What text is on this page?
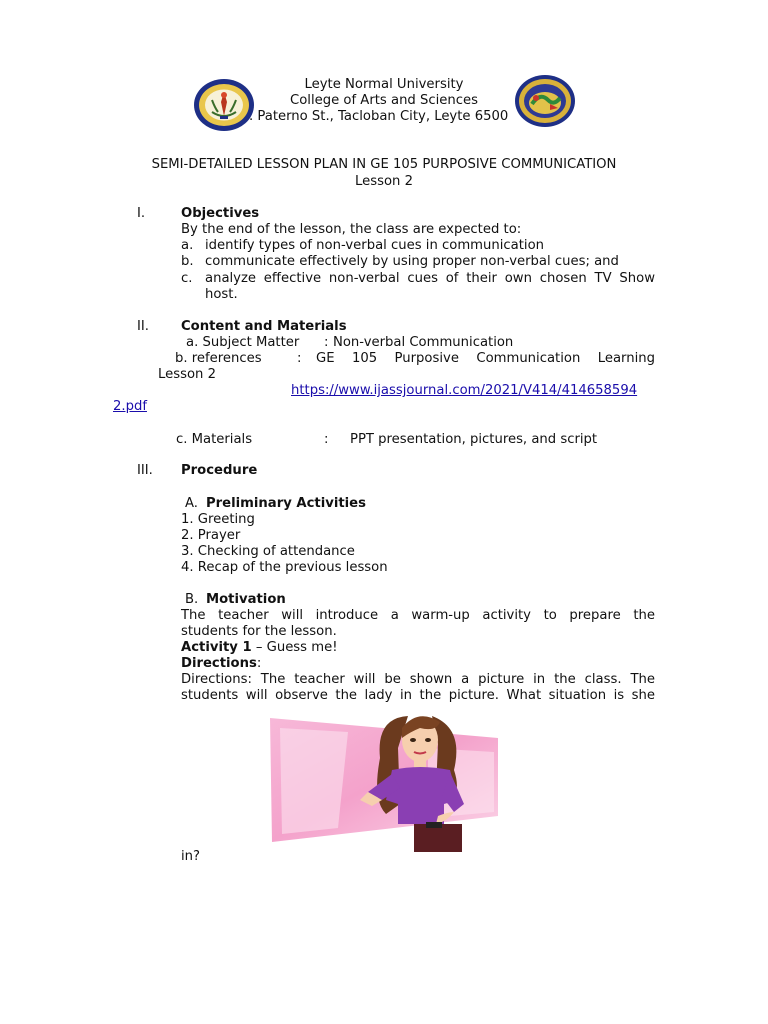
Leyte Normal University
College of Arts and Sciences
. Paterno St., Tacloban City, Leyte 6500
SEMI-DETAILED LESSON PLAN IN GE 105 PURPOSIVE COMMUNICATION
Lesson 2
I.	Objectives
By the end of the lesson, the class are expected to:
a. identify types of non-verbal cues in communication
b. communicate effectively by using proper non-verbal cues; and
c. analyze effective non-verbal cues of their own chosen TV Show
host.
II. Content and Materials
a. Subject Matter : Non-verbal Communication
b. references	: GE 105 Purposive Communication Learning
Lesson 2
https://www.ijassjournal.com/2021/V414/414658594
2.pdf
c. Materials	: PPT presentation, pictures, and script
III. Procedure
A. Preliminary Activities
1. Greeting
2. Prayer
3. Checking of attendance
4. Recap of the previous lesson
B. Motivation
The teacher will introduce a warm-up activity to prepare the
students for the lesson.
Activity 1 – Guess me!
Directions:
Directions: The teacher will be shown a picture in the class. The
students will observe the lady in the picture. What situation is she
in?
